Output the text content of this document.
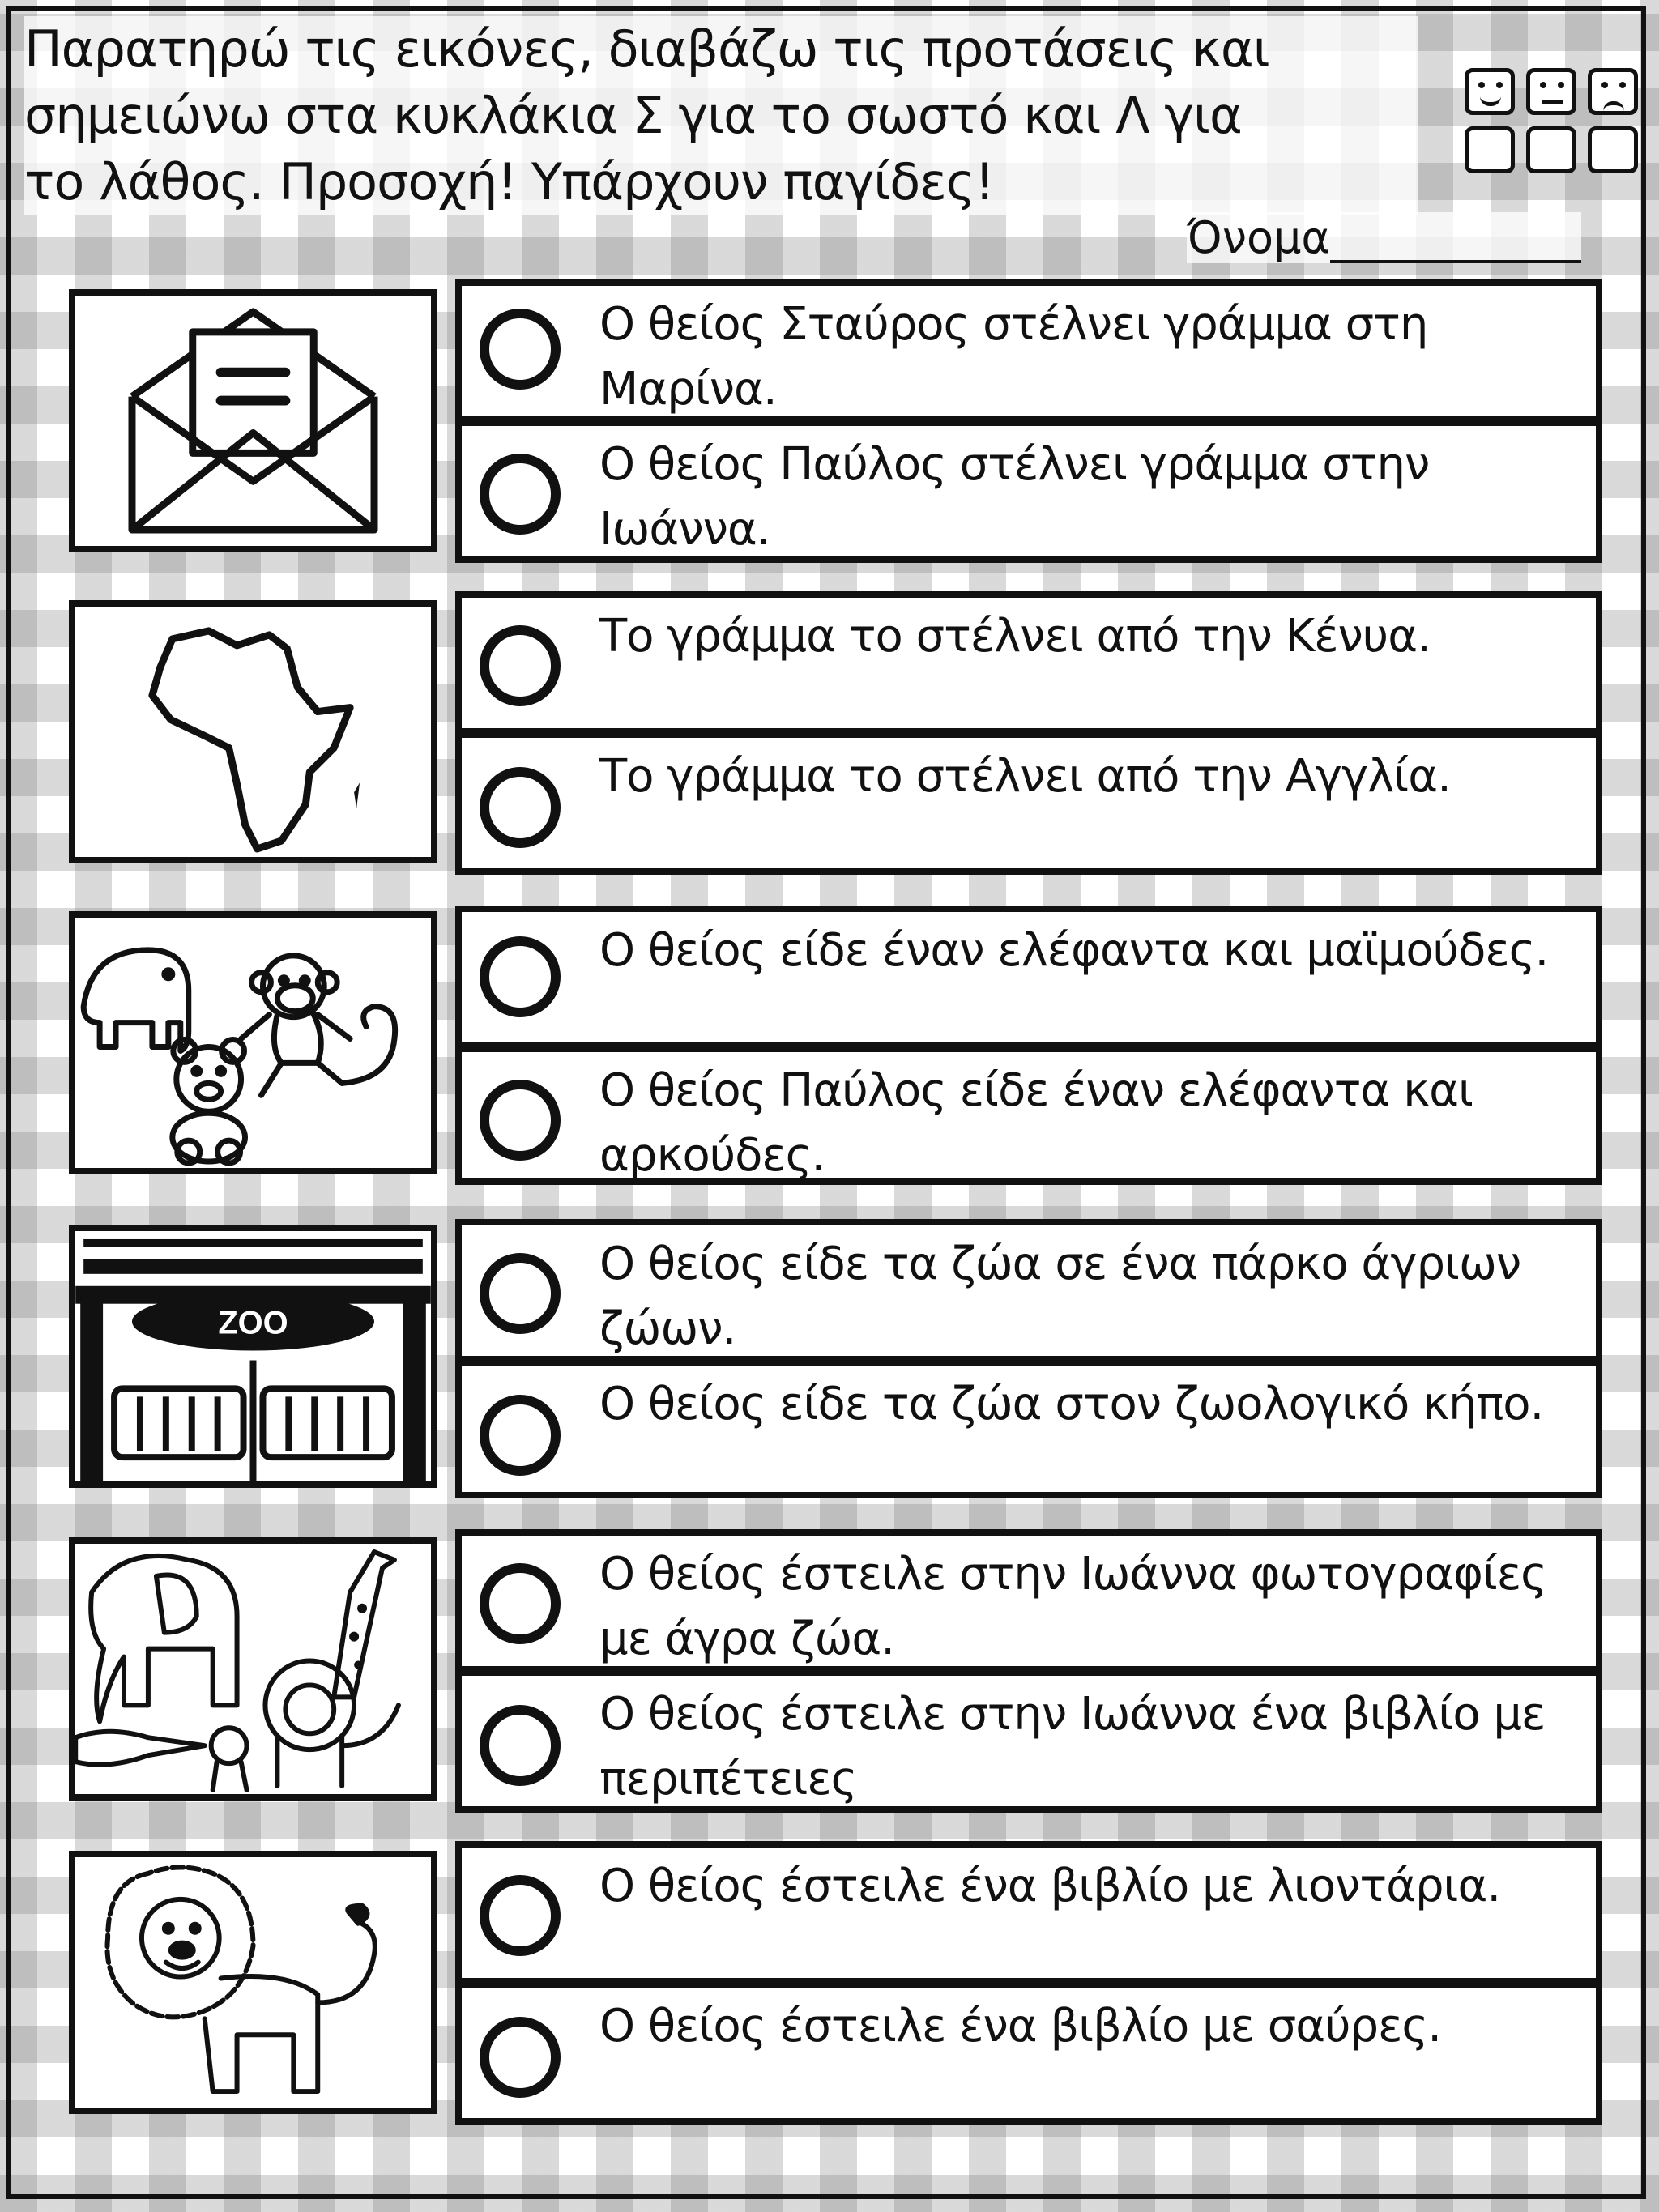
Παρατηρώ τις εικόνες, διαβάζω τις προτάσεις και
σημειώνω στα κυκλάκια Σ για το σωστό και Λ για
το λάθος. Προσοχή! Υπάρχουν παγίδες!

Όνομα
ZOO
Ο θείος Σταύρος στέλνει γράμμα στη Μαρίνα.
Ο θείος Παύλος στέλνει γράμμα στην Ιωάννα.
Το γράμμα το στέλνει από την Κένυα.
Το γράμμα το στέλνει από την Αγγλία.
Ο θείος είδε έναν ελέφαντα και μαϊμούδες.
Ο θείος Παύλος είδε έναν ελέφαντα και αρκούδες.
Ο θείος είδε τα ζώα σε ένα πάρκο άγριων ζώων.
Ο θείος είδε τα ζώα στον ζωολογικό κήπο.
Ο θείος έστειλε στην Ιωάννα φωτογραφίες με άγρα ζώα.
Ο θείος έστειλε στην Ιωάννα ένα βιβλίο με περιπέτειες
Ο θείος έστειλε ένα βιβλίο με λιοντάρια.
Ο θείος έστειλε ένα βιβλίο με σαύρες.
